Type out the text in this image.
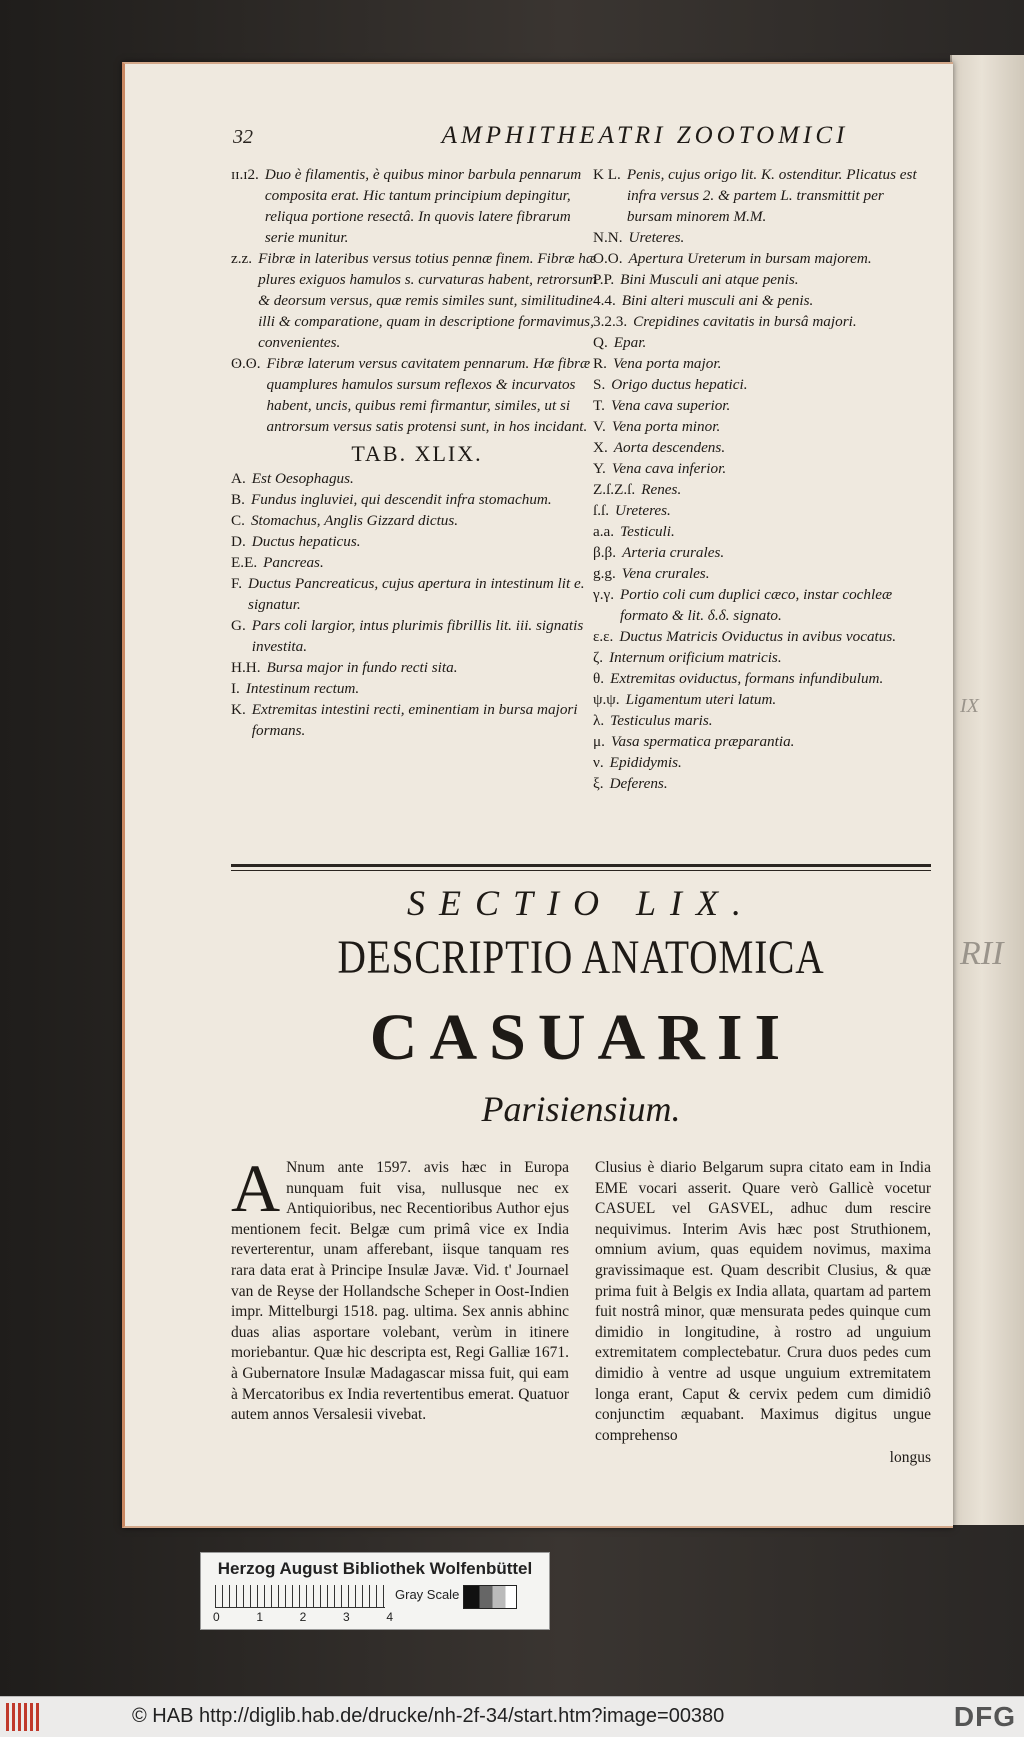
IX
RII
32	AMPHITHEATRI ZOOTOMICI
ɪɪ.ɪ2. Duo è filamentis, è quibus minor barbula pennarum composita erat. Hic tantum principium depingitur, reliqua portione resectâ. In quovis latere fibrarum serie munitur.
z.z. Fibræ in lateribus versus totius pennæ finem. Fibræ hæ plures exiguos hamulos s. curvaturas habent, retrorsum & deorsum versus, quæ remis similes sunt, similitudine illi & comparatione, quam in descriptione formavimus, convenientes.
ʘ.ʘ. Fibræ laterum versus cavitatem pennarum. Hæ fibræ quamplures hamulos sursum reflexos & incurvatos habent, uncis, quibus remi firmantur, similes, ut si antrorsum versus satis protensi sunt, in hos incidant.
TAB. XLIX.
A. Est Oesophagus.
B. Fundus ingluviei, qui descendit infra stomachum.
C. Stomachus, Anglis Gizzard dictus.
D. Ductus hepaticus.
E.E. Pancreas.
F. Ductus Pancreaticus, cujus apertura in intestinum lit e. signatur.
G. Pars coli largior, intus plurimis fibrillis lit. iii. signatis investita.
H.H. Bursa major in fundo recti sita.
I. Intestinum rectum.
K. Extremitas intestini recti, eminentiam in bursa majori formans.
K L. Penis, cujus origo lit. K. ostenditur. Plicatus est infra versus 2. & partem L. transmittit per bursam minorem M.M.
N.N. Ureteres.
O.O. Apertura Ureterum in bursam majorem.
P.P. Bini Musculi ani atque penis.
4.4. Bini alteri musculi ani & penis.
3.2.3. Crepidines cavitatis in bursâ majori.
Q. Epar.
R. Vena porta major.
S. Origo ductus hepatici.
T. Vena cava superior.
V. Vena porta minor.
X. Aorta descendens.
Y. Vena cava inferior.
Z.ſ.Z.ſ. Renes.
ſ.ſ. Ureteres.
a.a. Testiculi.
β.β. Arteria crurales.
g.g. Vena crurales.
γ.γ. Portio coli cum duplici cæco, instar cochleæ formato & lit. δ.δ. signato.
ε.ε. Ductus Matricis Oviductus in avibus vocatus.
ζ. Internum orificium matricis.
θ. Extremitas oviductus, formans infundibulum.
ψ.ψ. Ligamentum uteri latum.
λ. Testiculus maris.
μ. Vasa spermatica præparantia.
ν. Epididymis.
ξ. Deferens.
SECTIO LIX.
DESCRIPTIO ANATOMICA
CASUARII
Parisiensium.
A Nnum ante 1597. avis hæc in Europa nunquam fuit visa, nullusque nec ex Antiquioribus, nec Recentioribus Author ejus mentionem fecit. Belgæ cum primâ vice ex India reverterentur, unam afferebant, iisque tanquam res rara data erat à Principe Insulæ Javæ. Vid. t' Journael van de Reyse der Hollandsche Scheper in Oost-Indien impr. Mittelburgi 1518. pag. ultima. Sex annis abhinc duas alias asportare volebant, verùm in itinere moriebantur. Quæ hic descripta est, Regi Galliæ 1671. à Gubernatore Insulæ Madagascar missa fuit, qui eam à Mercatoribus ex India revertentibus emerat. Quatuor autem annos Versalesii vivebat.
Clusius è diario Belgarum supra citato eam in India EME vocari asserit. Quare verò Gallicè vocetur CASUEL vel GASVEL, adhuc dum rescire nequivimus. Interim Avis hæc post Struthionem, omnium avium, quas equidem novimus, maxima gravissimaque est. Quam describit Clusius, & quæ prima fuit à Belgis ex India allata, quartam ad partem fuit nostrâ minor, quæ mensurata pedes quinque cum dimidio in longitudine, à rostro ad unguium extremitatem complectebatur. Crura duos pedes cum dimidio à ventre ad usque unguium extremitatem longa erant, Caput & cervix pedem cum dimidiô conjunctim æquabant. Maximus digitus ungue comprehenso
longus
Herzog August Bibliothek Wolfenbüttel
0	1	2	3	4
Gray Scale
© HAB http://diglib.hab.de/drucke/nh-2f-34/start.htm?image=00380	DFG
